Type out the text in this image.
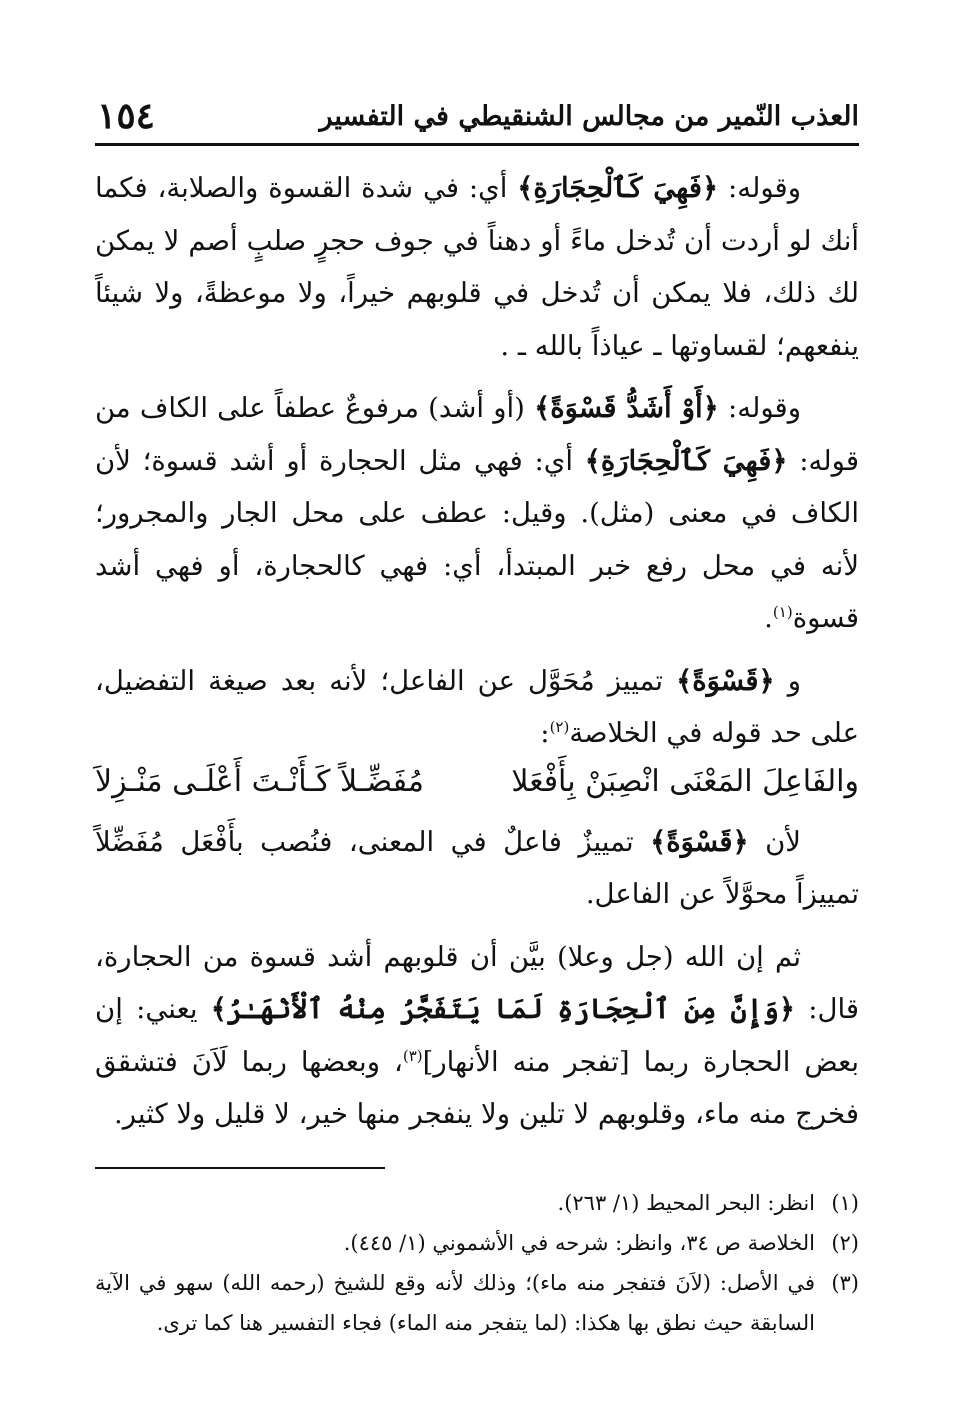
العذب النّمير من مجالس الشنقيطي في التفسير
١٥٤

وقوله: ﴿فَهِيَ كَٱلْحِجَارَةِ﴾ أي: في شدة القسوة والصلابة، فكما أنك لو أردت أن تُدخل ماءً أو دهناً في جوف حجرٍ صلبٍ أصم لا يمكن لك ذلك، فلا يمكن أن تُدخل في قلوبهم خيراً، ولا موعظةً، ولا شيئاً ينفعهم؛ لقساوتها ـ عياذاً بالله ـ .

وقوله: ﴿أَوْ أَشَدُّ قَسْوَةً﴾ (أو أشد) مرفوعٌ عطفاً على الكاف من قوله: ﴿فَهِيَ كَٱلْحِجَارَةِ﴾ أي: فهي مثل الحجارة أو أشد قسوة؛ لأن الكاف في معنى (مثل). وقيل: عطف على محل الجار والمجرور؛ لأنه في محل رفع خبر المبتدأ، أي: فهي كالحجارة، أو فهي أشد قسوة$^{(١)}$.

و ﴿قَسْوَةً﴾ تمييز مُحَوَّل عن الفاعل؛ لأنه بعد صيغة التفضيل، على حد قوله في الخلاصة$^{(٢)}$:

والفَاعِلَ المَعْنَى انْصِبَنْ بِأَفْعَلا
مُفَضِّـلاً كَـأَنْـتَ أَعْلَـى مَنْـزِلاَ

لأن ﴿قَسْوَةً﴾ تمييزٌ فاعلٌ في المعنى، فنُصب بأَفْعَل مُفَضِّلاً تمييزاً محوَّلاً عن الفاعل.

ثم إن الله (جل وعلا) بيَّن أن قلوبهم أشد قسوة من الحجارة، قال: ﴿وَإِنَّ مِنَ ٱلْحِجَارَةِ لَمَا يَتَفَجَّرُ مِنْهُ ٱلْأَنْهَـٰرُ﴾ يعني: إن بعض الحجارة ربما [تفجر منه الأنهار]$^{(٣)}$، وبعضها ربما لَاَنَ فتشقق فخرج منه ماء، وقلوبهم لا تلين ولا ينفجر منها خير، لا قليل ولا كثير.

(١)
انظر: البحر المحيط (١/ ٢٦٣).
(٢)
الخلاصة ص ٣٤، وانظر: شرحه في الأشموني (١/ ٤٤٥).
(٣)
في الأصل: (لاَنَ فتفجر منه ماء)؛ وذلك لأنه وقع للشيخ (رحمه الله) سهو في الآية السابقة حيث نطق بها هكذا: (لما يتفجر منه الماء) فجاء التفسير هنا كما ترى.
